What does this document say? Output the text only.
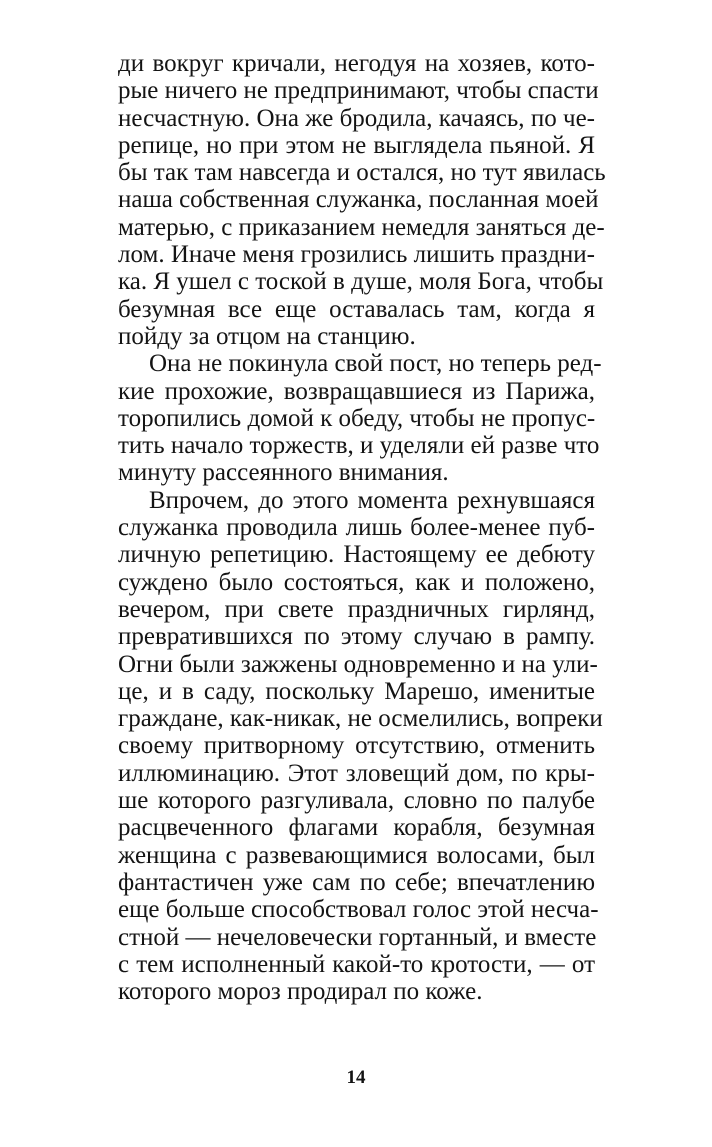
ди вокруг кричали, негодуя на хозяев, кото-
рые ничего не предпринимают, чтобы спасти
несчастную. Она же бродила, качаясь, по че-
репице, но при этом не выглядела пьяной. Я
бы так там навсегда и остался, но тут явилась
наша собственная служанка, посланная моей
матерью, с приказанием немедля заняться де-
лом. Иначе меня грозились лишить праздни-
ка. Я ушел с тоской в душе, моля Бога, чтобы
безумная все еще оставалась там, когда я
пойду за отцом на станцию.
Она не покинула свой пост, но теперь ред-
кие прохожие, возвращавшиеся из Парижа,
торопились домой к обеду, чтобы не пропус-
тить начало торжеств, и уделяли ей разве что
минуту рассеянного внимания.
Впрочем, до этого момента рехнувшаяся
служанка проводила лишь более-менее пуб-
личную репетицию. Настоящему ее дебюту
суждено было состояться, как и положено,
вечером, при свете праздничных гирлянд,
превратившихся по этому случаю в рампу.
Огни были зажжены одновременно и на ули-
це, и в саду, поскольку Марешо, именитые
граждане, как-никак, не осмелились, вопреки
своему притворному отсутствию, отменить
иллюминацию. Этот зловещий дом, по кры-
ше которого разгуливала, словно по палубе
расцвеченного флагами корабля, безумная
женщина с развевающимися волосами, был
фантастичен уже сам по себе; впечатлению
еще больше способствовал голос этой несча-
стной — нечеловечески гортанный, и вместе
с тем исполненный какой-то кротости, — от
которого мороз продирал по коже.
14
